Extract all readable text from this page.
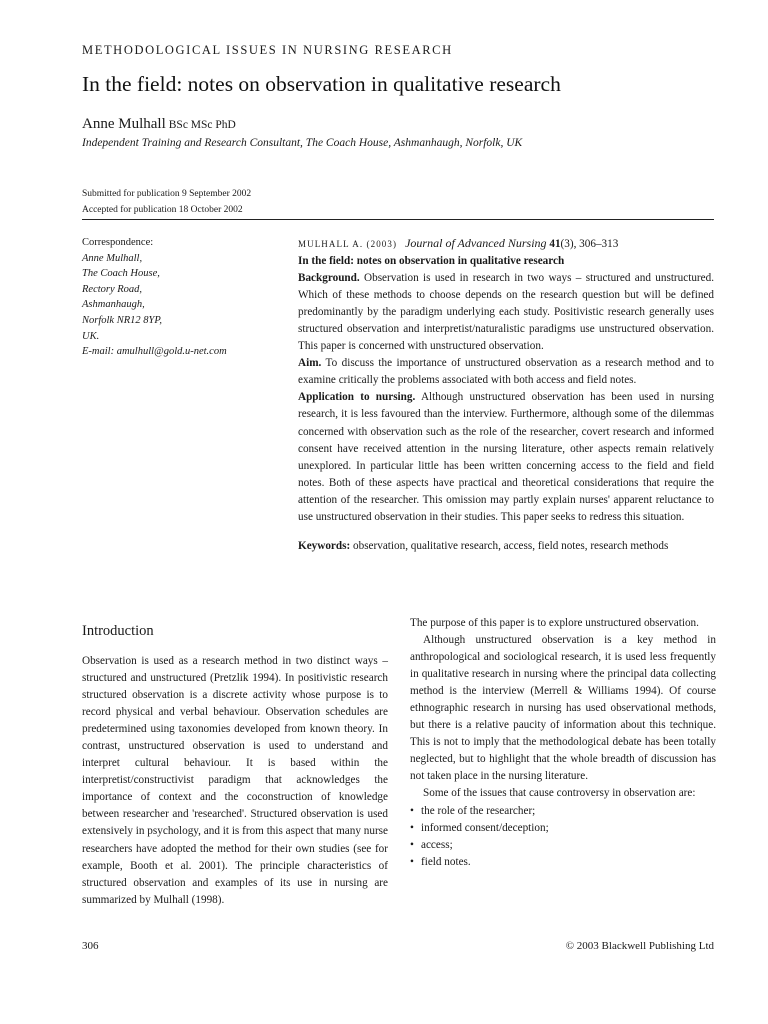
METHODOLOGICAL ISSUES IN NURSING RESEARCH
In the field: notes on observation in qualitative research
Anne Mulhall BSc MSc PhD
Independent Training and Research Consultant, The Coach House, Ashmanhaugh, Norfolk, UK
Submitted for publication 9 September 2002
Accepted for publication 18 October 2002
Correspondence:
Anne Mulhall,
The Coach House,
Rectory Road,
Ashmanhaugh,
Norfolk NR12 8YP,
UK.
E-mail: amulhull@gold.u-net.com
MULHALL A. (2003) Journal of Advanced Nursing 41(3), 306–313

In the field: notes on observation in qualitative research

Background. Observation is used in research in two ways – structured and unstructured. Which of these methods to choose depends on the research question but will be defined predominantly by the paradigm underlying each study. Positivistic research generally uses structured observation and interpretist/naturalistic paradigms use unstructured observation. This paper is concerned with unstructured observation.

Aim. To discuss the importance of unstructured observation as a research method and to examine critically the problems associated with both access and field notes.

Application to nursing. Although unstructured observation has been used in nursing research, it is less favoured than the interview. Furthermore, although some of the dilemmas concerned with observation such as the role of the researcher, covert research and informed consent have received attention in the nursing literature, other aspects remain relatively unexplored. In particular little has been written concerning access to the field and field notes. Both of these aspects have practical and theoretical considerations that require the attention of the researcher. This omission may partly explain nurses' apparent reluctance to use unstructured observation in their studies. This paper seeks to redress this situation.

Keywords: observation, qualitative research, access, field notes, research methods

Introduction

Observation is used as a research method in two distinct ways – structured and unstructured (Pretzlik 1994). In positivistic research structured observation is a discrete activity whose purpose is to record physical and verbal behaviour. Observation schedules are predetermined using taxonomies developed from known theory. In contrast, unstructured observation is used to understand and interpret cultural behaviour. It is based within the interpretist/constructivist paradigm that acknowledges the importance of context and the coconstruction of knowledge between researcher and 'researched'. Structured observation is used extensively in psychology, and it is from this aspect that many nurse researchers have adopted the method for their own studies (see for example, Booth et al. 2001). The principle characteristics of structured observation and examples of its use in nursing are summarized by Mulhall (1998).

The purpose of this paper is to explore unstructured observation.

Although unstructured observation is a key method in anthropological and sociological research, it is used less frequently in qualitative research in nursing where the principal data collecting method is the interview (Merrell & Williams 1994). Of course ethnographic research in nursing has used observational methods, but there is a relative paucity of information about this technique. This is not to imply that the methodological debate has been totally neglected, but to highlight that the whole breadth of discussion has not taken place in the nursing literature.

Some of the issues that cause controversy in observation are:

• the role of the researcher;
• informed consent/deception;
• access;
• field notes.
306	© 2003 Blackwell Publishing Ltd
